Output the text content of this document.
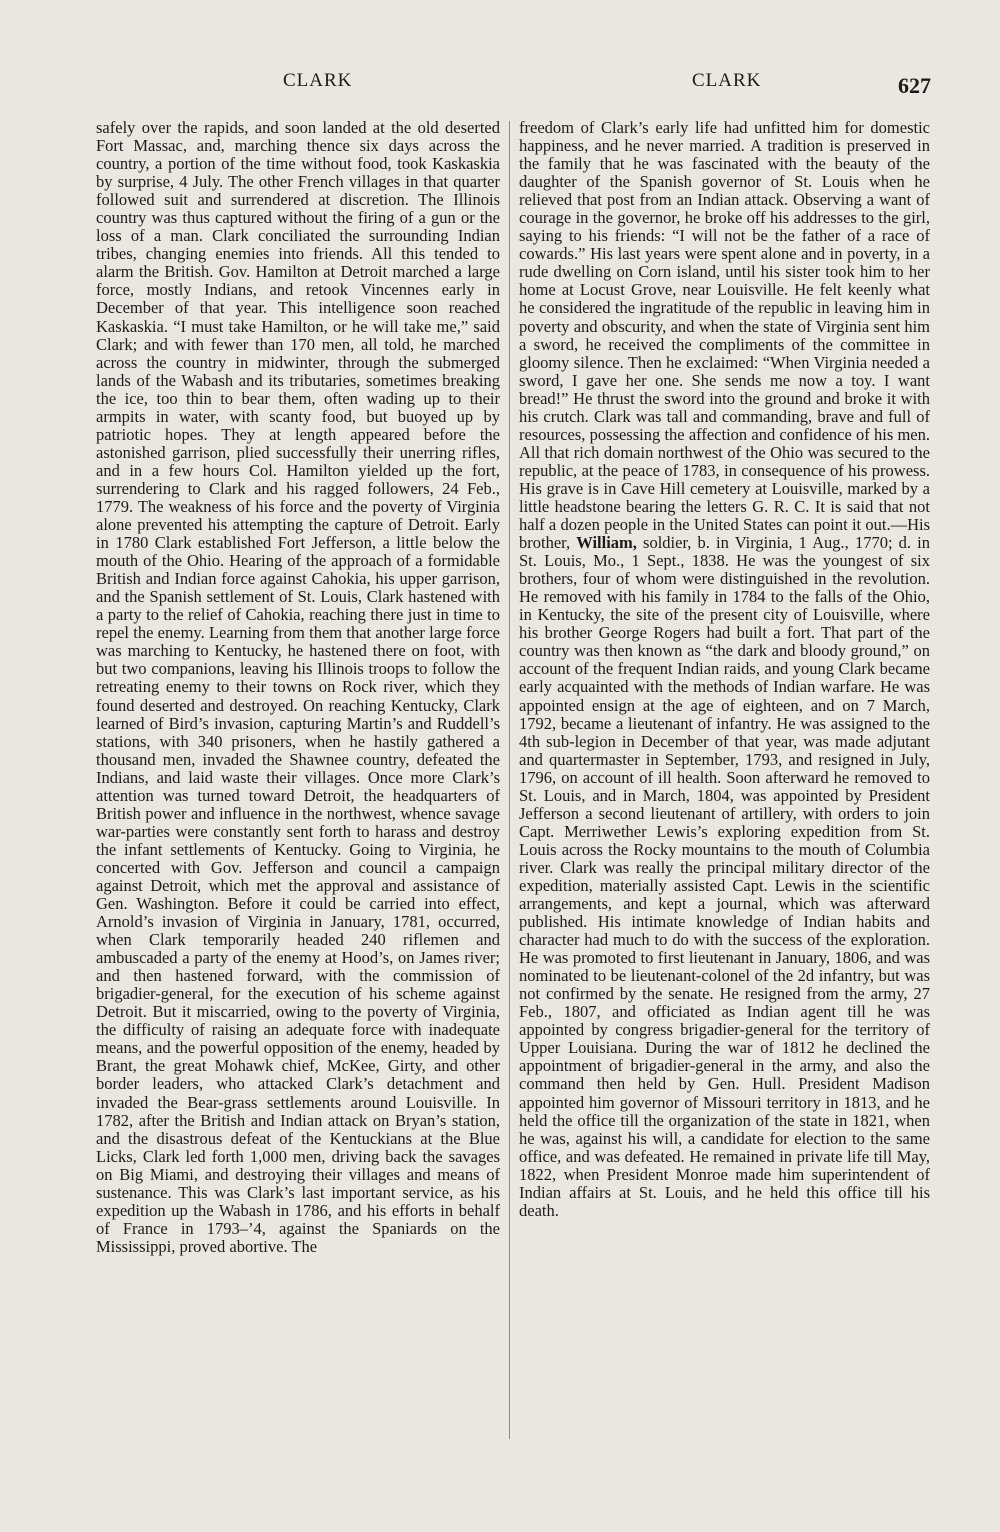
CLARK	CLARK	627

safely over the rapids, and soon landed at the old deserted Fort Massac, and, marching thence six days across the country, a portion of the time without food, took Kaskaskia by surprise, 4 July. The other French villages in that quarter followed suit and surrendered at discretion. The Illinois country was thus captured without the firing of a gun or the loss of a man. Clark conciliated the surrounding Indian tribes, changing enemies into friends. All this tended to alarm the British. Gov. Hamilton at Detroit marched a large force, mostly Indians, and retook Vincennes early in December of that year. This intelligence soon reached Kaskaskia. “I must take Hamilton, or he will take me,” said Clark; and with fewer than 170 men, all told, he marched across the country in midwinter, through the submerged lands of the Wabash and its tributaries, sometimes breaking the ice, too thin to bear them, often wading up to their armpits in water, with scanty food, but buoyed up by patriotic hopes. They at length appeared before the astonished garrison, plied successfully their unerring rifles, and in a few hours Col. Hamilton yielded up the fort, surrendering to Clark and his ragged followers, 24 Feb., 1779. The weakness of his force and the poverty of Virginia alone prevented his attempting the capture of Detroit. Early in 1780 Clark established Fort Jefferson, a little below the mouth of the Ohio. Hearing of the approach of a formidable British and Indian force against Cahokia, his upper garrison, and the Spanish settlement of St. Louis, Clark hastened with a party to the relief of Cahokia, reaching there just in time to repel the enemy. Learning from them that another large force was marching to Kentucky, he hastened there on foot, with but two companions, leaving his Illinois troops to follow the retreating enemy to their towns on Rock river, which they found deserted and destroyed. On reaching Kentucky, Clark learned of Bird’s invasion, capturing Martin’s and Ruddell’s stations, with 340 prisoners, when he hastily gathered a thousand men, invaded the Shawnee country, defeated the Indians, and laid waste their villages. Once more Clark’s attention was turned toward Detroit, the headquarters of British power and influence in the northwest, whence savage war-parties were constantly sent forth to harass and destroy the infant settlements of Kentucky. Going to Virginia, he concerted with Gov. Jefferson and council a campaign against Detroit, which met the approval and assistance of Gen. Washington. Before it could be carried into effect, Arnold’s invasion of Virginia in January, 1781, occurred, when Clark temporarily headed 240 riflemen and ambuscaded a party of the enemy at Hood’s, on James river; and then hastened forward, with the commission of brigadier-general, for the execution of his scheme against Detroit. But it miscarried, owing to the poverty of Virginia, the difficulty of raising an adequate force with inadequate means, and the powerful opposition of the enemy, headed by Brant, the great Mohawk chief, McKee, Girty, and other border leaders, who attacked Clark’s detachment and invaded the Bear-grass settlements around Louisville. In 1782, after the British and Indian attack on Bryan’s station, and the disastrous defeat of the Kentuckians at the Blue Licks, Clark led forth 1,000 men, driving back the savages on Big Miami, and destroying their villages and means of sustenance. This was Clark’s last important service, as his expedition up the Wabash in 1786, and his efforts in behalf of France in 1793–’4, against the Spaniards on the Mississippi, proved abortive. The

freedom of Clark’s early life had unfitted him for domestic happiness, and he never married. A tradition is preserved in the family that he was fascinated with the beauty of the daughter of the Spanish governor of St. Louis when he relieved that post from an Indian attack. Observing a want of courage in the governor, he broke off his addresses to the girl, saying to his friends: “I will not be the father of a race of cowards.” His last years were spent alone and in poverty, in a rude dwelling on Corn island, until his sister took him to her home at Locust Grove, near Louisville. He felt keenly what he considered the ingratitude of the republic in leaving him in poverty and obscurity, and when the state of Virginia sent him a sword, he received the compliments of the committee in gloomy silence. Then he exclaimed: “When Virginia needed a sword, I gave her one. She sends me now a toy. I want bread!” He thrust the sword into the ground and broke it with his crutch. Clark was tall and commanding, brave and full of resources, possessing the affection and confidence of his men. All that rich domain northwest of the Ohio was secured to the republic, at the peace of 1783, in consequence of his prowess. His grave is in Cave Hill cemetery at Louisville, marked by a little headstone bearing the letters G. R. C. It is said that not half a dozen people in the United States can point it out.—His brother, William, soldier, b. in Virginia, 1 Aug., 1770; d. in St. Louis, Mo., 1 Sept., 1838. He was the youngest of six brothers, four of whom were distinguished in the revolution. He removed with his family in 1784 to the falls of the Ohio, in Kentucky, the site of the present city of Louisville, where his brother George Rogers had built a fort. That part of the country was then known as “the dark and bloody ground,” on account of the frequent Indian raids, and young Clark became early acquainted with the methods of Indian warfare. He was appointed ensign at the age of eighteen, and on 7 March, 1792, became a lieutenant of infantry. He was assigned to the 4th sub-legion in December of that year, was made adjutant and quartermaster in September, 1793, and resigned in July, 1796, on account of ill health. Soon afterward he removed to St. Louis, and in March, 1804, was appointed by President Jefferson a second lieutenant of artillery, with orders to join Capt. Merriwether Lewis’s exploring expedition from St. Louis across the Rocky mountains to the mouth of Columbia river. Clark was really the principal military director of the expedition, materially assisted Capt. Lewis in the scientific arrangements, and kept a journal, which was afterward published. His intimate knowledge of Indian habits and character had much to do with the success of the exploration. He was promoted to first lieutenant in January, 1806, and was nominated to be lieutenant-colonel of the 2d infantry, but was not confirmed by the senate. He resigned from the army, 27 Feb., 1807, and officiated as Indian agent till he was appointed by congress brigadier-general for the territory of Upper Louisiana. During the war of 1812 he declined the appointment of brigadier-general in the army, and also the command then held by Gen. Hull. President Madison appointed him governor of Missouri territory in 1813, and he held the office till the organization of the state in 1821, when he was, against his will, a candidate for election to the same office, and was defeated. He remained in private life till May, 1822, when President Monroe made him superintendent of Indian affairs at St. Louis, and he held this office till his death.
